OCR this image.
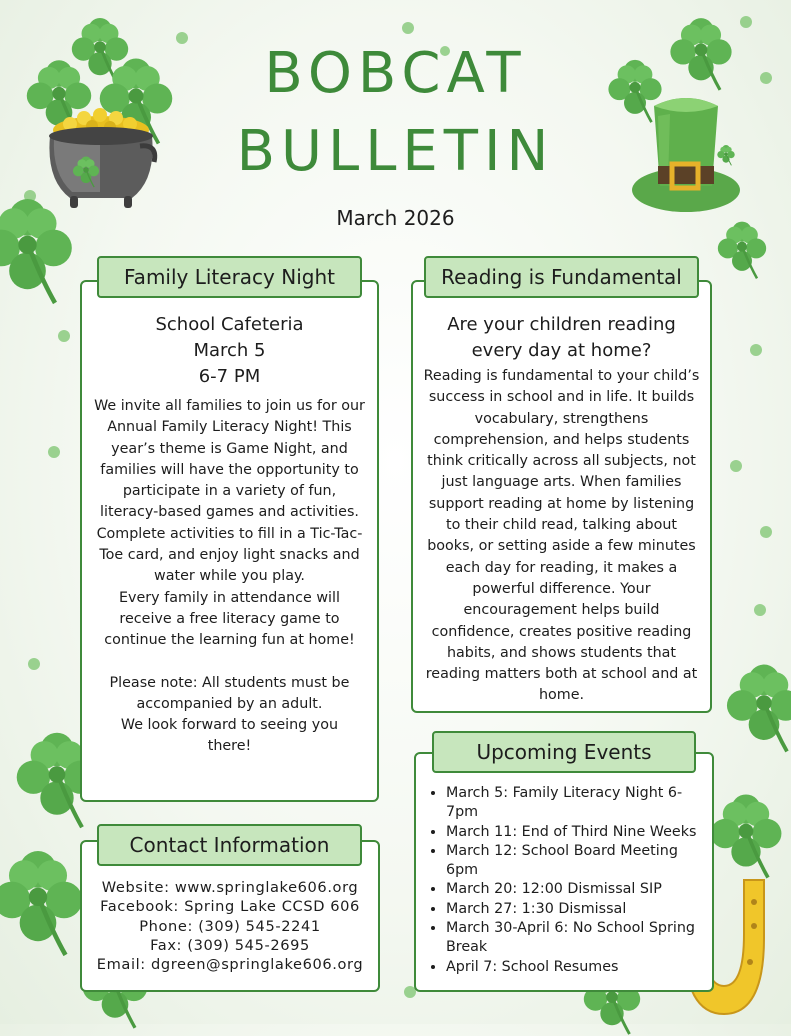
BOBCAT
BULLETIN
March 2026
School Cafeteria
March 5
6-7 PM
We invite all families to join us for our Annual Family Literacy Night! This year’s theme is Game Night, and families will have the opportunity to participate in a variety of fun, literacy-based games and activities. Complete activities to fill in a Tic-Tac-Toe card, and enjoy light snacks and water while you play.
Every family in attendance will receive a free literacy game to continue the learning fun at home!
Please note: All students must be accompanied by an adult.
We look forward to seeing you there!
Family Literacy Night
Are your children reading every day at home?
Reading is fundamental to your child’s success in school and in life. It builds vocabulary, strengthens comprehension, and helps students think critically across all subjects, not just language arts. When families support reading at home by listening to their child read, talking about books, or setting aside a few minutes each day for reading, it makes a powerful difference. Your encouragement helps build confidence, creates positive reading habits, and shows students that reading matters both at school and at home.
Reading is Fundamental
• March 5: Family Literacy Night 6-7pm
• March 11: End of Third Nine Weeks
• March 12: School Board Meeting 6pm
• March 20: 12:00 Dismissal SIP
• March 27: 1:30 Dismissal
• March 30-April 6: No School Spring Break
• April 7: School Resumes
Upcoming Events
Website: www.springlake606.org
Facebook: Spring Lake CCSD 606
Phone: (309) 545-2241
Fax: (309) 545-2695
Email: dgreen@springlake606.org
Contact Information
